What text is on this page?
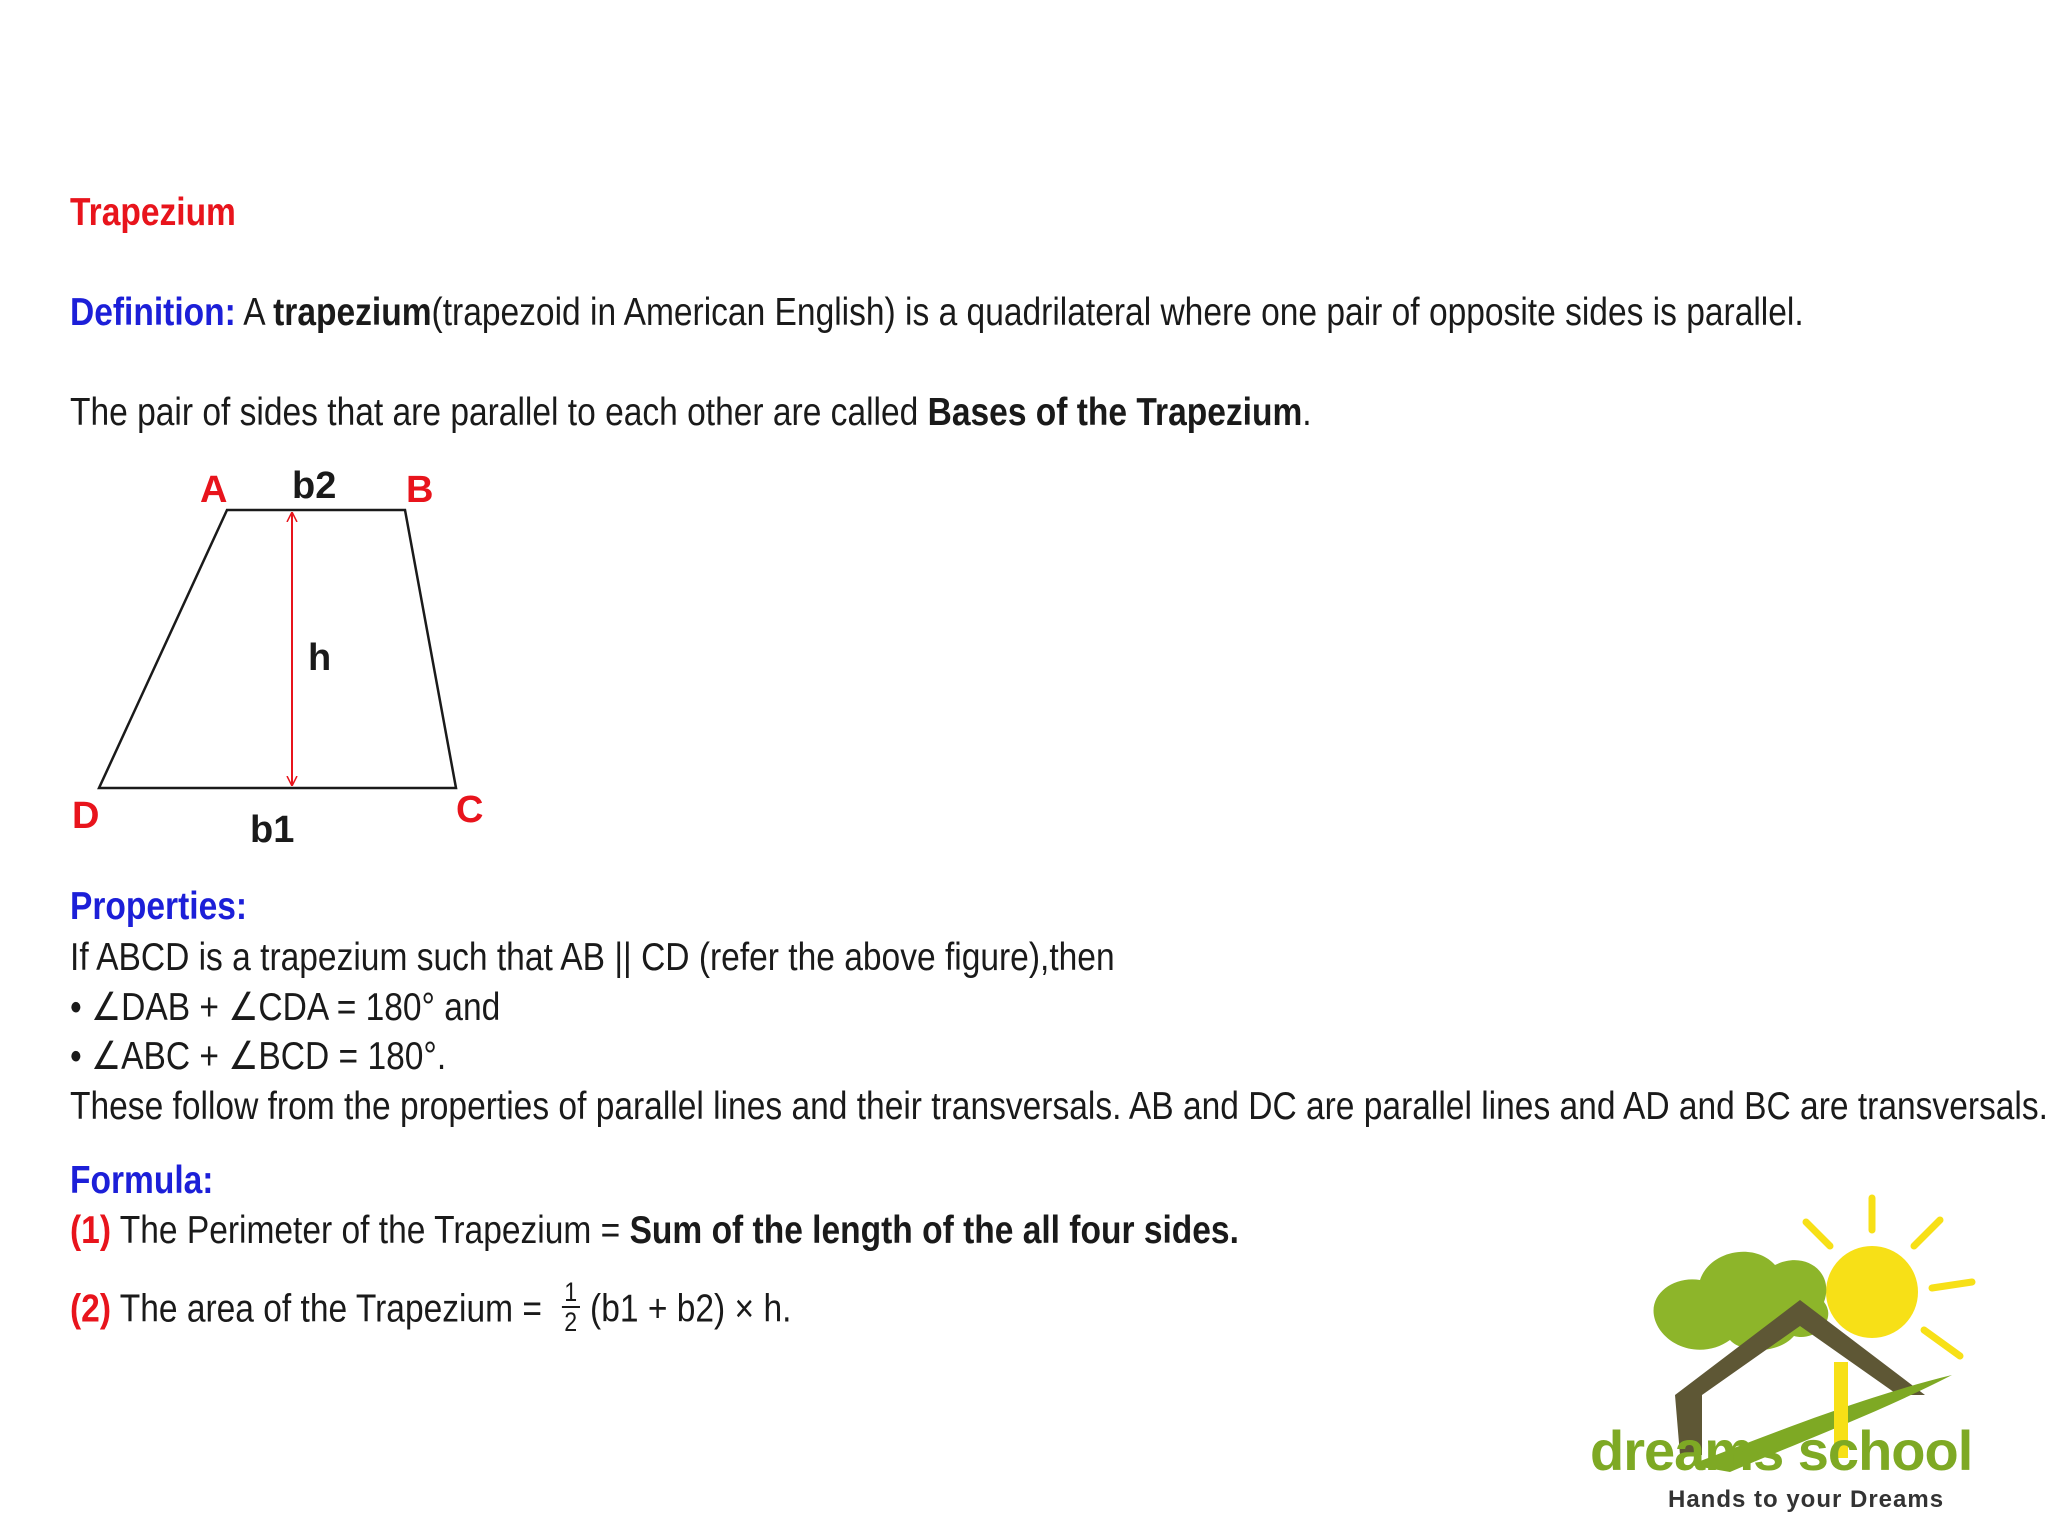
Trapezium
Definition: A trapezium(trapezoid in American English) is a quadrilateral where one pair of opposite sides is parallel.
The pair of sides that are parallel to each other are called Bases of the Trapezium.
A	B
C
D
b2
b1
h
Properties:
If ABCD is a trapezium such that AB || CD (refer the above figure),then
• ∠DAB + ∠CDA = 180° and
• ∠ABC + ∠BCD = 180°.
These follow from the properties of parallel lines and their transversals. AB and DC are parallel lines and AD and BC are transversals.
Formula:
(1) The Perimeter of the Trapezium = Sum of the length of the all four sides.
(2) The area of the Trapezium = $\frac{1}{2} (b1 + b2) \times h$.
dreams school
Hands to your Dreams
